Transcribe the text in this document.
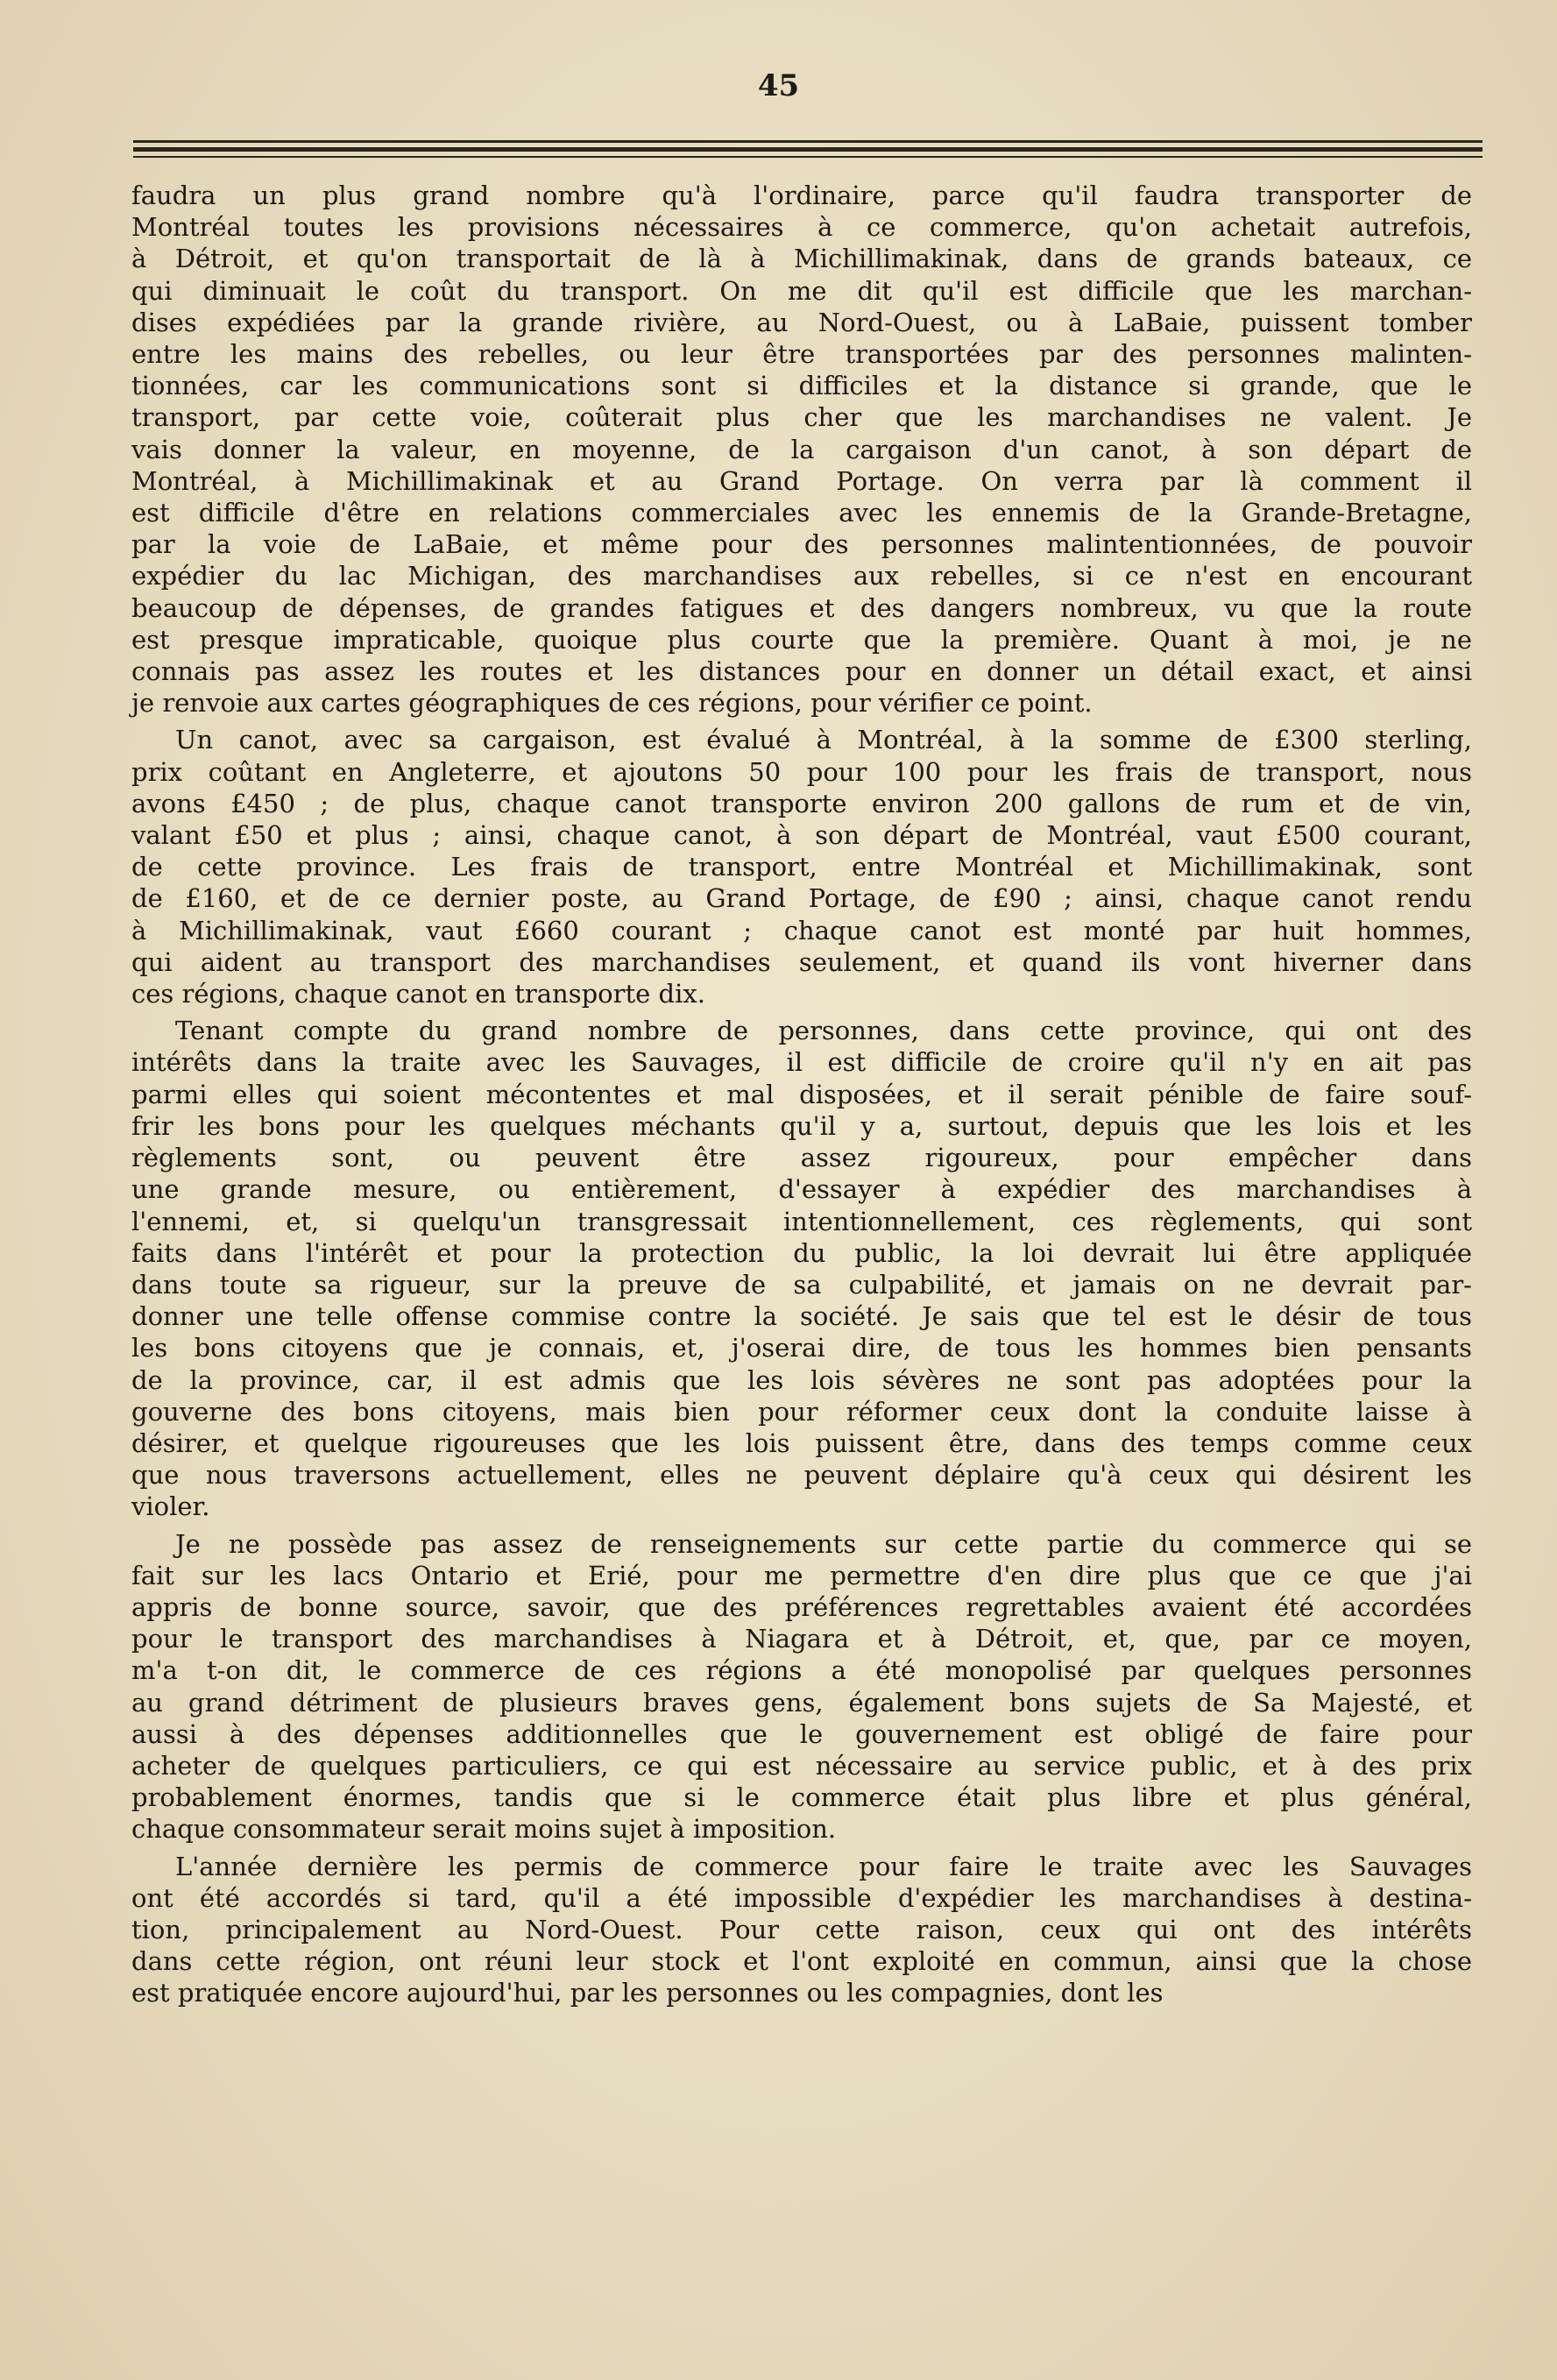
45
faudra un plus grand nombre qu'à l'ordinaire, parce qu'il faudra transporter de
Montréal toutes les provisions nécessaires à ce commerce, qu'on achetait autrefois,
à Détroit, et qu'on transportait de là à Michillimakinak, dans de grands bateaux, ce
qui diminuait le coût du transport. On me dit qu'il est difficile que les marchan-
dises expédiées par la grande rivière, au Nord-Ouest, ou à LaBaie, puissent tomber
entre les mains des rebelles, ou leur être transportées par des personnes malinten-
tionnées, car les communications sont si difficiles et la distance si grande, que le
transport, par cette voie, coûterait plus cher que les marchandises ne valent. Je
vais donner la valeur, en moyenne, de la cargaison d'un canot, à son départ de
Montréal, à Michillimakinak et au Grand Portage. On verra par là comment il
est difficile d'être en relations commerciales avec les ennemis de la Grande-Bretagne,
par la voie de LaBaie, et même pour des personnes malintentionnées, de pouvoir
expédier du lac Michigan, des marchandises aux rebelles, si ce n'est en encourant
beaucoup de dépenses, de grandes fatigues et des dangers nombreux, vu que la route
est presque impraticable, quoique plus courte que la première. Quant à moi, je ne
connais pas assez les routes et les distances pour en donner un détail exact, et ainsi
je renvoie aux cartes géographiques de ces régions, pour vérifier ce point.
Un canot, avec sa cargaison, est évalué à Montréal, à la somme de £300 sterling,
prix coûtant en Angleterre, et ajoutons 50 pour 100 pour les frais de transport, nous
avons £450 ; de plus, chaque canot transporte environ 200 gallons de rum et de vin,
valant £50 et plus ; ainsi, chaque canot, à son départ de Montréal, vaut £500 courant,
de cette province. Les frais de transport, entre Montréal et Michillimakinak, sont
de £160, et de ce dernier poste, au Grand Portage, de £90 ; ainsi, chaque canot rendu
à Michillimakinak, vaut £660 courant ; chaque canot est monté par huit hommes,
qui aident au transport des marchandises seulement, et quand ils vont hiverner dans
ces régions, chaque canot en transporte dix.
Tenant compte du grand nombre de personnes, dans cette province, qui ont des
intérêts dans la traite avec les Sauvages, il est difficile de croire qu'il n'y en ait pas
parmi elles qui soient mécontentes et mal disposées, et il serait pénible de faire souf-
frir les bons pour les quelques méchants qu'il y a, surtout, depuis que les lois et les
règlements sont, ou peuvent être assez rigoureux, pour empêcher dans
une grande mesure, ou entièrement, d'essayer à expédier des marchandises à
l'ennemi, et, si quelqu'un transgressait intentionnellement, ces règlements, qui sont
faits dans l'intérêt et pour la protection du public, la loi devrait lui être appliquée
dans toute sa rigueur, sur la preuve de sa culpabilité, et jamais on ne devrait par-
donner une telle offense commise contre la société. Je sais que tel est le désir de tous
les bons citoyens que je connais, et, j'oserai dire, de tous les hommes bien pensants
de la province, car, il est admis que les lois sévères ne sont pas adoptées pour la
gouverne des bons citoyens, mais bien pour réformer ceux dont la conduite laisse à
désirer, et quelque rigoureuses que les lois puissent être, dans des temps comme ceux
que nous traversons actuellement, elles ne peuvent déplaire qu'à ceux qui désirent les
violer.
Je ne possède pas assez de renseignements sur cette partie du commerce qui se
fait sur les lacs Ontario et Erié, pour me permettre d'en dire plus que ce que j'ai
appris de bonne source, savoir, que des préférences regrettables avaient été accordées
pour le transport des marchandises à Niagara et à Détroit, et, que, par ce moyen,
m'a t-on dit, le commerce de ces régions a été monopolisé par quelques personnes
au grand détriment de plusieurs braves gens, également bons sujets de Sa Majesté, et
aussi à des dépenses additionnelles que le gouvernement est obligé de faire pour
acheter de quelques particuliers, ce qui est nécessaire au service public, et à des prix
probablement énormes, tandis que si le commerce était plus libre et plus général,
chaque consommateur serait moins sujet à imposition.
L'année dernière les permis de commerce pour faire le traite avec les Sauvages
ont été accordés si tard, qu'il a été impossible d'expédier les marchandises à destina-
tion, principalement au Nord-Ouest. Pour cette raison, ceux qui ont des intérêts
dans cette région, ont réuni leur stock et l'ont exploité en commun, ainsi que la chose
est pratiquée encore aujourd'hui, par les personnes ou les compagnies, dont les
